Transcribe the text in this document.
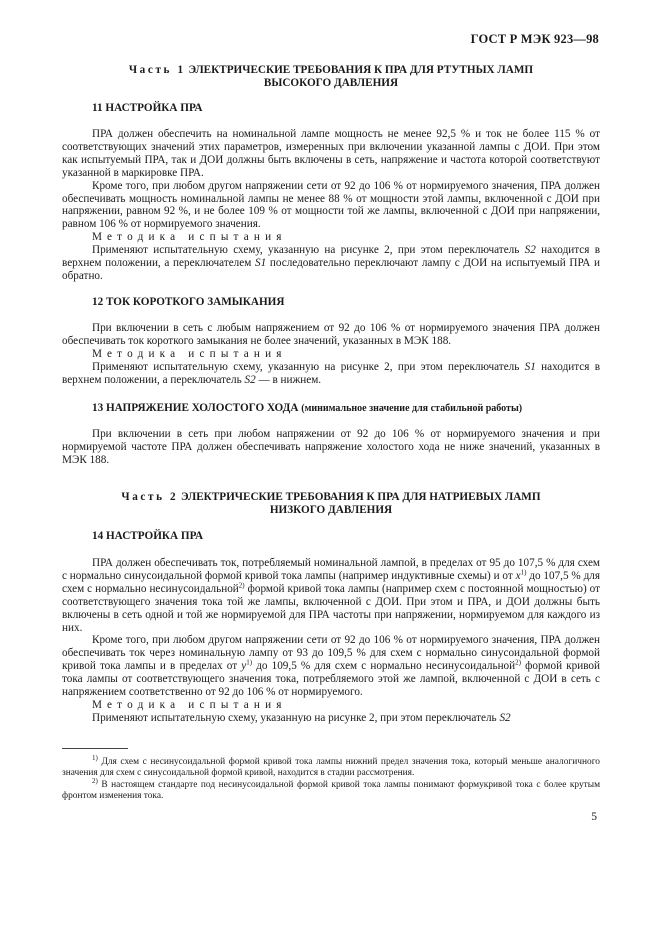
ГОСТ Р МЭК 923—98
Часть 1 ЭЛЕКТРИЧЕСКИЕ ТРЕБОВАНИЯ К ПРА ДЛЯ РТУТНЫХ ЛАМП
ВЫСОКОГО ДАВЛЕНИЯ
11 НАСТРОЙКА ПРА

ПРА должен обеспечить на номинальной лампе мощность не менее 92,5 % и ток не более 115 % от соответствующих значений этих параметров, измеренных при включении указанной лампы с ДОИ. При этом как испытуемый ПРА, так и ДОИ должны быть включены в сеть, напряжение и частота которой соответствуют указанной в маркировке ПРА.

Кроме того, при любом другом напряжении сети от 92 до 106 % от нормируемого значения, ПРА должен обеспечивать мощность номинальной лампы не менее 88 % от мощности этой лампы, включенной с ДОИ при напряжении, равном 92 %, и не более 109 % от мощности той же лампы, включенной с ДОИ при напряжении, равном 106 % от нормируемого значения.

Методика испытания

Применяют испытательную схему, указанную на рисунке 2, при этом переключатель S2 находится в верхнем положении, а переключателем S1 последовательно переключают лампу с ДОИ на испытуемый ПРА и обратно.

12 ТОК КОРОТКОГО ЗАМЫКАНИЯ

При включении в сеть с любым напряжением от 92 до 106 % от нормируемого значения ПРА должен обеспечивать ток короткого замыкания не более значений, указанных в МЭК 188.

Методика испытания

Применяют испытательную схему, указанную на рисунке 2, при этом переключатель S1 находится в верхнем положении, а переключатель S2 — в нижнем.

13 НАПРЯЖЕНИЕ ХОЛОСТОГО ХОДА (минимальное значение для стабильной работы)

При включении в сеть при любом напряжении от 92 до 106 % от нормируемого значения и при нормируемой частоте ПРА должен обеспечивать напряжение холостого хода не ниже значений, указанных в МЭК 188.

Часть 2 ЭЛЕКТРИЧЕСКИЕ ТРЕБОВАНИЯ К ПРА ДЛЯ НАТРИЕВЫХ ЛАМП
НИЗКОГО ДАВЛЕНИЯ
14 НАСТРОЙКА ПРА

ПРА должен обеспечивать ток, потребляемый номинальной лампой, в пределах от 95 до 107,5 % для схем с нормально синусоидальной формой кривой тока лампы (например индуктивные схемы) и от $x^{1)}$ до 107,5 % для схем с нормально несинусоидальной$^{2)}$ формой кривой тока лампы (например схем с постоянной мощностью) от соответствующего значения тока той же лампы, включенной с ДОИ. При этом и ПРА, и ДОИ должны быть включены в сеть одной и той же нормируемой для ПРА частоты при напряжении, нормируемом для каждого из них.

Кроме того, при любом другом напряжении сети от 92 до 106 % от нормируемого значения, ПРА должен обеспечивать ток через номинальную лампу от 93 до 109,5 % для схем с нормально синусоидальной формой кривой тока лампы и в пределах от $y^{1)}$ до 109,5 % для схем с нормально несинусоидальной$^{2)}$ формой кривой тока лампы от соответствующего значения тока, потребляемого этой же лампой, включенной с ДОИ в сеть с напряжением соответственно от 92 до 106 % от нормируемого.

Методика испытания

Применяют испытательную схему, указанную на рисунке 2, при этом переключатель S2

$^{1)}$ Для схем с несинусоидальной формой кривой тока лампы нижний предел значения тока, который меньше аналогичного значения для схем с синусоидальной формой кривой, находится в стадии рассмотрения.

$^{2)}$ В настоящем стандарте под несинусоидальной формой кривой тока лампы понимают формукривой тока с более крутым фронтом изменения тока.

5
